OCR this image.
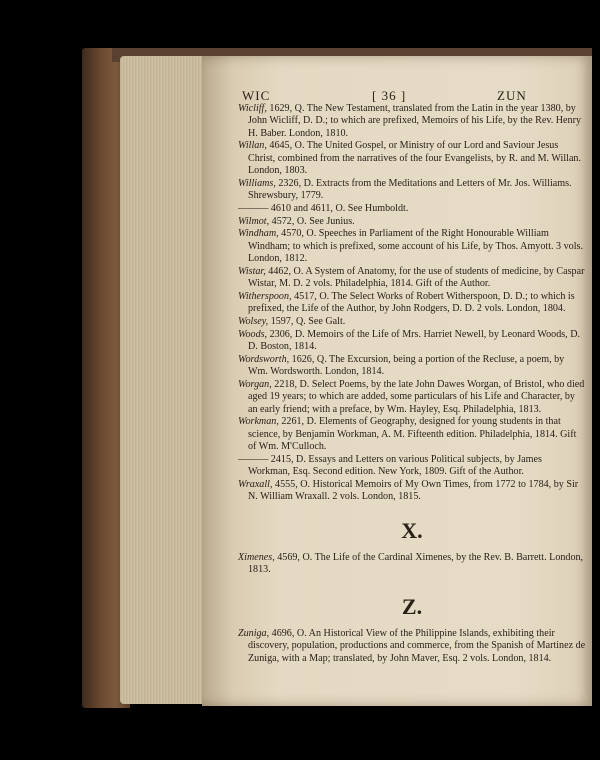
WIC	[ 36 ]	ZUN

Wicliff, 1629, Q. The New Testament, translated from the Latin in the year 1380, by John Wicliff, D. D.; to which are prefixed, Memoirs of his Life, by the Rev. Henry H. Baber. London, 1810.

Willan, 4645, O. The United Gospel, or Ministry of our Lord and Saviour Jesus Christ, combined from the narratives of the four Evangelists, by R. and M. Willan. London, 1803.

Williams, 2326, D. Extracts from the Meditations and Letters of Mr. Jos. Williams. Shrewsbury, 1779.

——— 4610 and 4611, O. See Humboldt.

Wilmot, 4572, O. See Junius.

Windham, 4570, O. Speeches in Parliament of the Right Honourable William Windham; to which is prefixed, some account of his Life, by Thos. Amyott. 3 vols. London, 1812.

Wistar, 4462, O. A System of Anatomy, for the use of students of medicine, by Caspar Wistar, M. D. 2 vols. Philadelphia, 1814. Gift of the Author.

Witherspoon, 4517, O. The Select Works of Robert Witherspoon, D. D.; to which is prefixed, the Life of the Author, by John Rodgers, D. D. 2 vols. London, 1804.

Wolsey, 1597, Q. See Galt.

Woods, 2306, D. Memoirs of the Life of Mrs. Harriet Newell, by Leonard Woods, D. D. Boston, 1814.

Wordsworth, 1626, Q. The Excursion, being a portion of the Recluse, a poem, by Wm. Wordsworth. London, 1814.

Worgan, 2218, D. Select Poems, by the late John Dawes Worgan, of Bristol, who died aged 19 years; to which are added, some particulars of his Life and Character, by an early friend; with a preface, by Wm. Hayley, Esq. Philadelphia, 1813.

Workman, 2261, D. Elements of Geography, designed for young students in that science, by Benjamin Workman, A. M. Fifteenth edition. Philadelphia, 1814. Gift of Wm. M'Culloch.

——— 2415, D. Essays and Letters on various Political subjects, by James Workman, Esq. Second edition. New York, 1809. Gift of the Author.

Wraxall, 4555, O. Historical Memoirs of My Own Times, from 1772 to 1784, by Sir N. William Wraxall. 2 vols. London, 1815.

X.

Ximenes, 4569, O. The Life of the Cardinal Ximenes, by the Rev. B. Barrett. London, 1813.

Z.

Zuniga, 4696, O. An Historical View of the Philippine Islands, exhibiting their discovery, population, productions and commerce, from the Spanish of Martinez de Zuniga, with a Map; translated, by John Maver, Esq. 2 vols. London, 1814.
